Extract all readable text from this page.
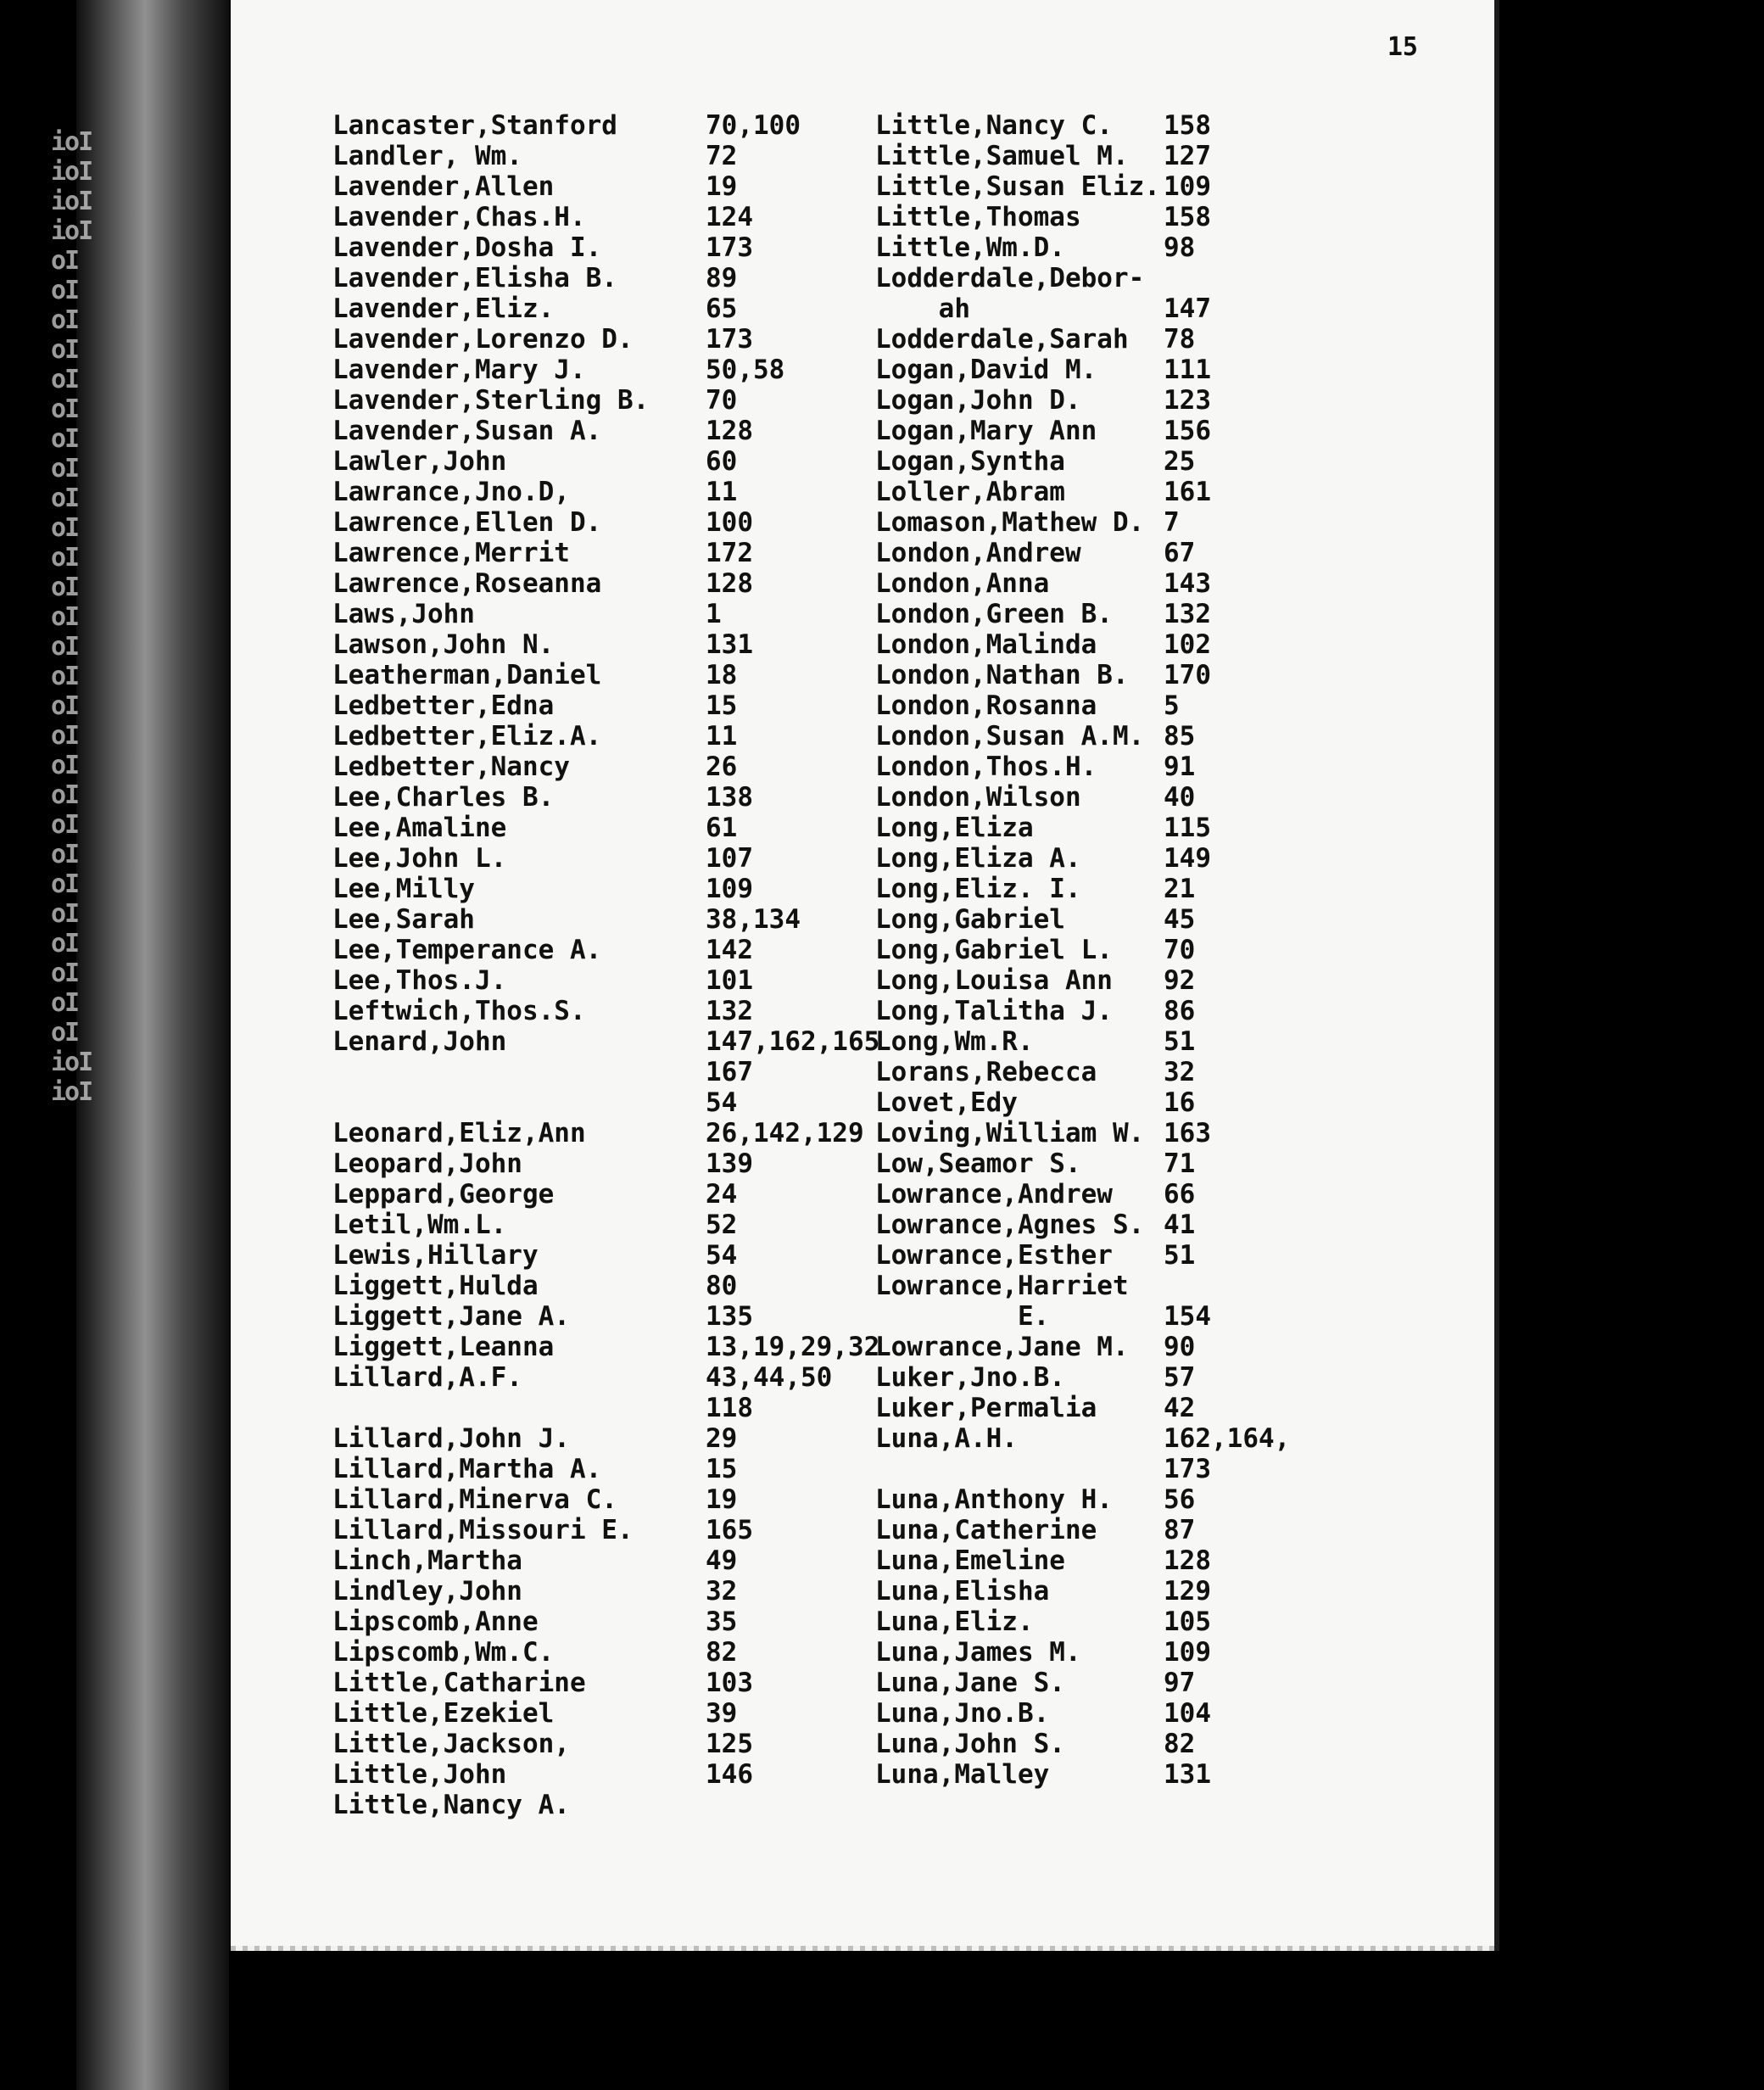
ioI
ioI
ioI
ioI
oI
oI
oI
oI
oI
oI
oI
oI
oI
oI
oI
oI
oI
oI
oI
oI
oI
oI
oI
oI
oI
oI
oI
oI
oI
oI
oI
ioI
ioI
15
Lancaster,Stanford	70,100
Landler, Wm.	72
Lavender,Allen	19
Lavender,Chas.H.	124
Lavender,Dosha I.	173
Lavender,Elisha B.	89
Lavender,Eliz.	65
Lavender,Lorenzo D.	173
Lavender,Mary J.	50,58
Lavender,Sterling B. 70
Lavender,Susan A.	128
Lawler,John	60
Lawrance,Jno.D,	11
Lawrence,Ellen D.	100
Lawrence,Merrit	172
Lawrence,Roseanna	128
Laws,John	1
Lawson,John N.	131
Leatherman,Daniel	18
Ledbetter,Edna	15
Ledbetter,Eliz.A.	11
Ledbetter,Nancy	26
Lee,Charles B.	138
Lee,Amaline	61
Lee,John L.	107
Lee,Milly	109
Lee,Sarah	38,134
Lee,Temperance A.	142
Lee,Thos.J.	101
Leftwich,Thos.S.	132
Lenard,John	147,162,165
167
54
Leonard,Eliz,Ann	26,142,129
Leopard,John	139
Leppard,George	24
Letil,Wm.L.	52
Lewis,Hillary	54
Liggett,Hulda	80
Liggett,Jane A.	135
Liggett,Leanna	13,19,29,32
Lillard,A.F.	43,44,50
118
Lillard,John J.	29
Lillard,Martha A.	15
Lillard,Minerva C.	19
Lillard,Missouri E.	165
Linch,Martha	49
Lindley,John	32
Lipscomb,Anne	35
Lipscomb,Wm.C.	82
Little,Catharine	103
Little,Ezekiel	39
Little,Jackson,	125
Little,John	146
Little,Nancy A.
Little,Nancy C. 158
Little,Samuel M. 127
Little,Susan Eliz. 109
Little,Thomas	158
Little,Wm.D.	98
Lodderdale,Debor-
ah	147
Lodderdale,Sarah 78
Logan,David M.	111
Logan,John D.	123
Logan,Mary Ann	156
Logan,Syntha	25
Loller,Abram	161
Lomason,Mathew D. 7
London,Andrew	67
London,Anna	143
London,Green B. 132
London,Malinda	102
London,Nathan B. 170
London,Rosanna	5
London,Susan A.M. 85
London,Thos.H.	91
London,Wilson	40
Long,Eliza	115
Long,Eliza A.	149
Long,Eliz. I.	21
Long,Gabriel	45
Long,Gabriel L. 70
Long,Louisa Ann 92
Long,Talitha J. 86
Long,Wm.R.	51
Lorans,Rebecca	32
Lovet,Edy	16
Loving,William W. 163
Low,Seamor S.	71
Lowrance,Andrew 66
Lowrance,Agnes S. 41
Lowrance,Esther 51
Lowrance,Harriet
E.	154
Lowrance,Jane M. 90
Luker,Jno.B.	57
Luker,Permalia	42
Luna,A.H.	162,164,
173
Luna,Anthony H. 56
Luna,Catherine	87
Luna,Emeline	128
Luna,Elisha	129
Luna,Eliz.	105
Luna,James M.	109
Luna,Jane S.	97
Luna,Jno.B.	104
Luna,John S.	82
Luna,Malley	131
